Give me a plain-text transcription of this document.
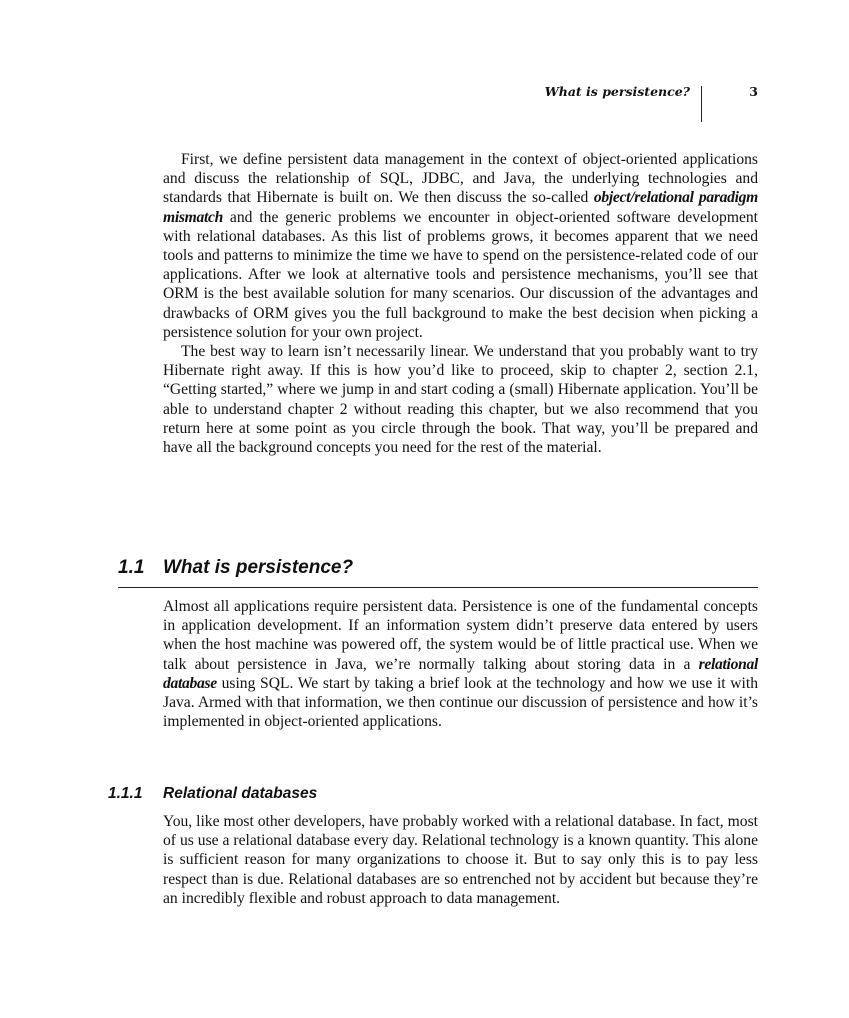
What is persistence?	3

First, we define persistent data management in the context of object-oriented applications and discuss the relationship of SQL, JDBC, and Java, the underlying technologies and standards that Hibernate is built on. We then discuss the so-called object/relational paradigm mismatch and the generic problems we encounter in object-oriented software development with relational databases. As this list of problems grows, it becomes apparent that we need tools and patterns to minimize the time we have to spend on the persistence-related code of our applications. After we look at alternative tools and persistence mechanisms, you’ll see that ORM is the best available solution for many scenarios. Our discussion of the advantages and drawbacks of ORM gives you the full background to make the best decision when picking a persistence solution for your own project.

The best way to learn isn’t necessarily linear. We understand that you probably want to try Hibernate right away. If this is how you’d like to proceed, skip to chapter 2, section 2.1, “Getting started,” where we jump in and start coding a (small) Hibernate application. You’ll be able to understand chapter 2 without reading this chapter, but we also recommend that you return here at some point as you circle through the book. That way, you’ll be prepared and have all the background concepts you need for the rest of the material.

1.1 What is persistence?

Almost all applications require persistent data. Persistence is one of the fundamental concepts in application development. If an information system didn’t preserve data entered by users when the host machine was powered off, the system would be of little practical use. When we talk about persistence in Java, we’re normally talking about storing data in a relational database using SQL. We start by taking a brief look at the technology and how we use it with Java. Armed with that information, we then continue our discussion of persistence and how it’s implemented in object-oriented applications.

1.1.1 Relational databases

You, like most other developers, have probably worked with a relational database. In fact, most of us use a relational database every day. Relational technology is a known quantity. This alone is sufficient reason for many organizations to choose it. But to say only this is to pay less respect than is due. Relational databases are so entrenched not by accident but because they’re an incredibly flexible and robust approach to data management.
